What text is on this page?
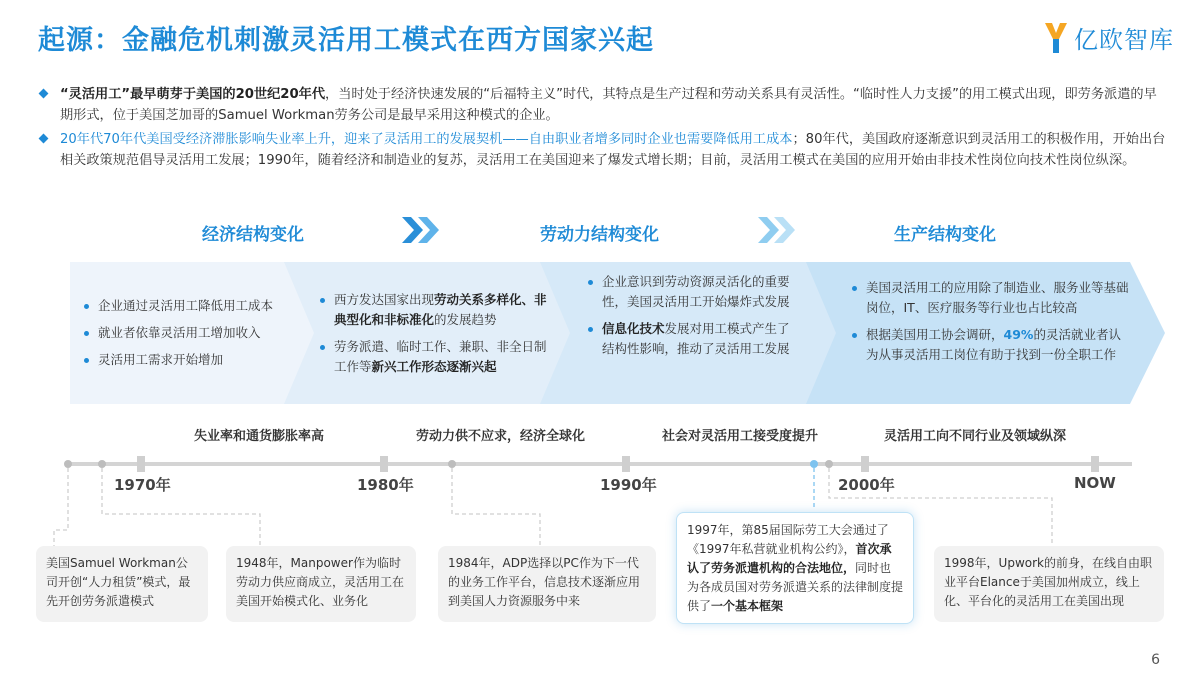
起源：金融危机刺激灵活用工模式在西方国家兴起	亿欧智库
“灵活用工”最早萌芽于美国的20世纪20年代，当时处于经济快速发展的“后福特主义”时代，其特点是生产过程和劳动关系具有灵活性。“临时性人力支援”的用工模式出现，即劳务派遣的早期形式，位于美国芝加哥的Samuel Workman劳务公司是最早采用这种模式的企业。
20年代70年代美国受经济滞胀影响失业率上升，迎来了灵活用工的发展契机——自由职业者增多同时企业也需要降低用工成本；80年代，美国政府逐渐意识到灵活用工的积极作用，开始出台相关政策规范倡导灵活用工发展；1990年，随着经济和制造业的复苏，灵活用工在美国迎来了爆发式增长期；目前，灵活用工模式在美国的应用开始由非技术性岗位向技术性岗位纵深。
经济结构变化	劳动力结构变化	生产结构变化
企业通过灵活用工降低用工成本
就业者依靠灵活用工增加收入
灵活用工需求开始增加
西方发达国家出现劳动关系多样化、非典型化和非标准化的发展趋势
劳务派遣、临时工作、兼职、非全日制工作等新兴工作形态逐渐兴起
企业意识到劳动资源灵活化的重要性，美国灵活用工开始爆炸式发展
信息化技术发展对用工模式产生了结构性影响，推动了灵活用工发展
美国灵活用工的应用除了制造业、服务业等基础岗位，IT、医疗服务等行业也占比较高
根据美国用工协会调研，49%的灵活就业者认为从事灵活用工岗位有助于找到一份全职工作
失业率和通货膨胀率高	劳动力供不应求，经济全球化	社会对灵活用工接受度提升	灵活用工向不同行业及领域纵深
1970年	1980年	1990年	2000年	NOW
美国Samuel Workman公司开创“人力租赁”模式，最先开创劳务派遣模式
1948年，Manpower作为临时劳动力供应商成立，灵活用工在美国开始模式化、业务化
1984年，ADP选择以PC作为下一代的业务工作平台，信息技术逐渐应用到美国人力资源服务中来
1997年，第85届国际劳工大会通过了《1997年私营就业机构公约》，首次承认了劳务派遣机构的合法地位，同时也为各成员国对劳务派遣关系的法律制度提供了一个基本框架
1998年，Upwork的前身，在线自由职业平台Elance于美国加州成立，线上化、平台化的灵活用工在美国出现
6
